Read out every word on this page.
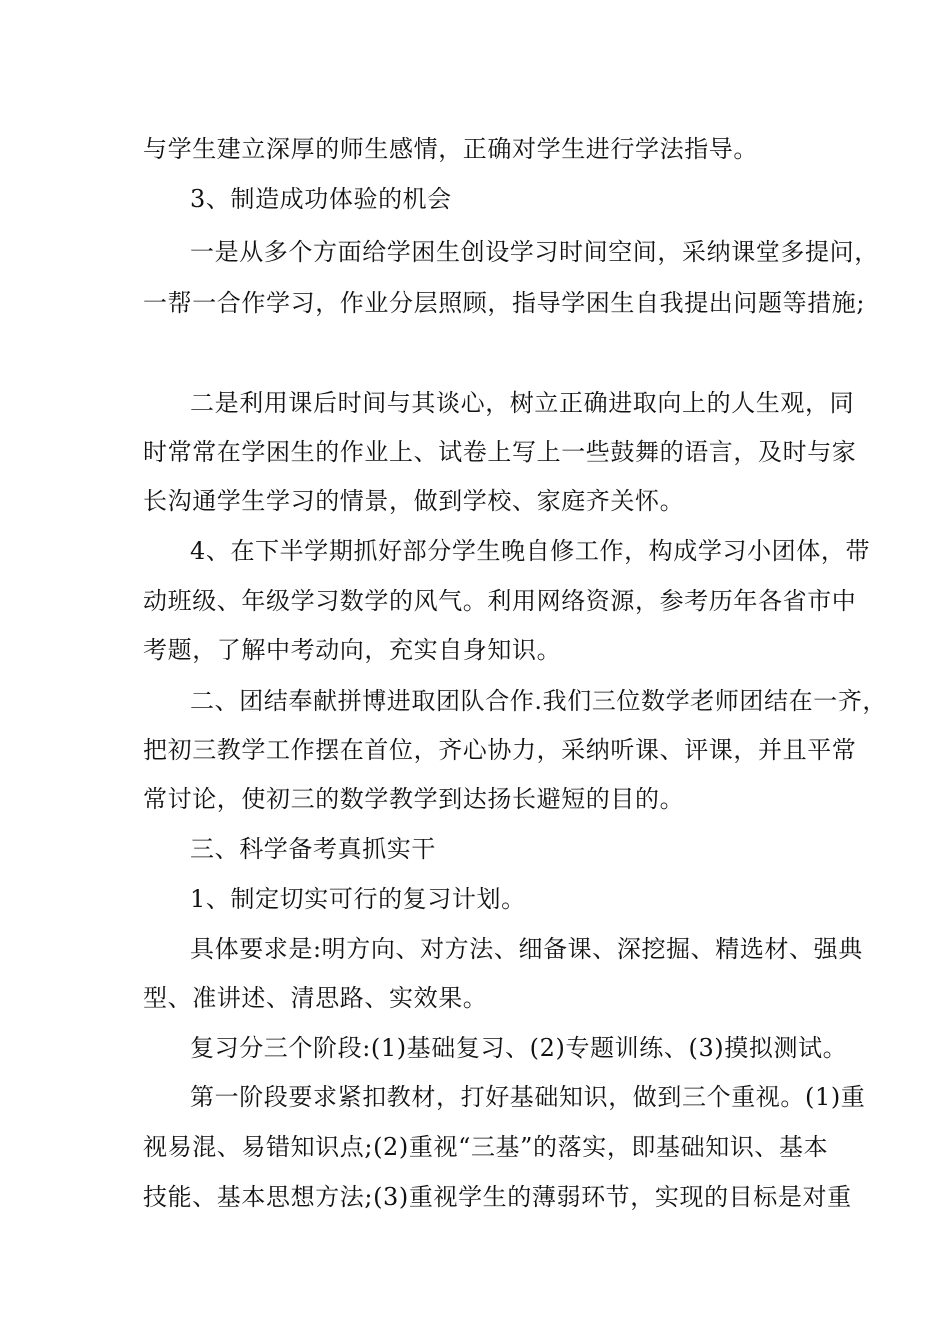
与学生建立深厚的师生感情，正确对学生进行学法指导。
3、制造成功体验的机会
一是从多个方面给学困生创设学习时间空间，采纳课堂多提问，
一帮一合作学习，作业分层照顾，指导学困生自我提出问题等措施;
二是利用课后时间与其谈心，树立正确进取向上的人生观，同
时常常在学困生的作业上、试卷上写上一些鼓舞的语言，及时与家
长沟通学生学习的情景，做到学校、家庭齐关怀。
4、在下半学期抓好部分学生晚自修工作，构成学习小团体，带
动班级、年级学习数学的风气。利用网络资源，参考历年各省市中
考题，了解中考动向，充实自身知识。
二、团结奉献拼博进取团队合作.我们三位数学老师团结在一齐，
把初三教学工作摆在首位，齐心协力，采纳听课、评课，并且平常
常讨论，使初三的数学教学到达扬长避短的目的。
三、科学备考真抓实干
1、制定切实可行的复习计划。
具体要求是:明方向、对方法、细备课、深挖掘、精选材、强典
型、准讲述、清思路、实效果。
复习分三个阶段:(1)基础复习、(2)专题训练、(3)摸拟测试。
第一阶段要求紧扣教材，打好基础知识，做到三个重视。(1)重
视易混、易错知识点;(2)重视“三基”的落实，即基础知识、基本
技能、基本思想方法;(3)重视学生的薄弱环节，实现的目标是对重
